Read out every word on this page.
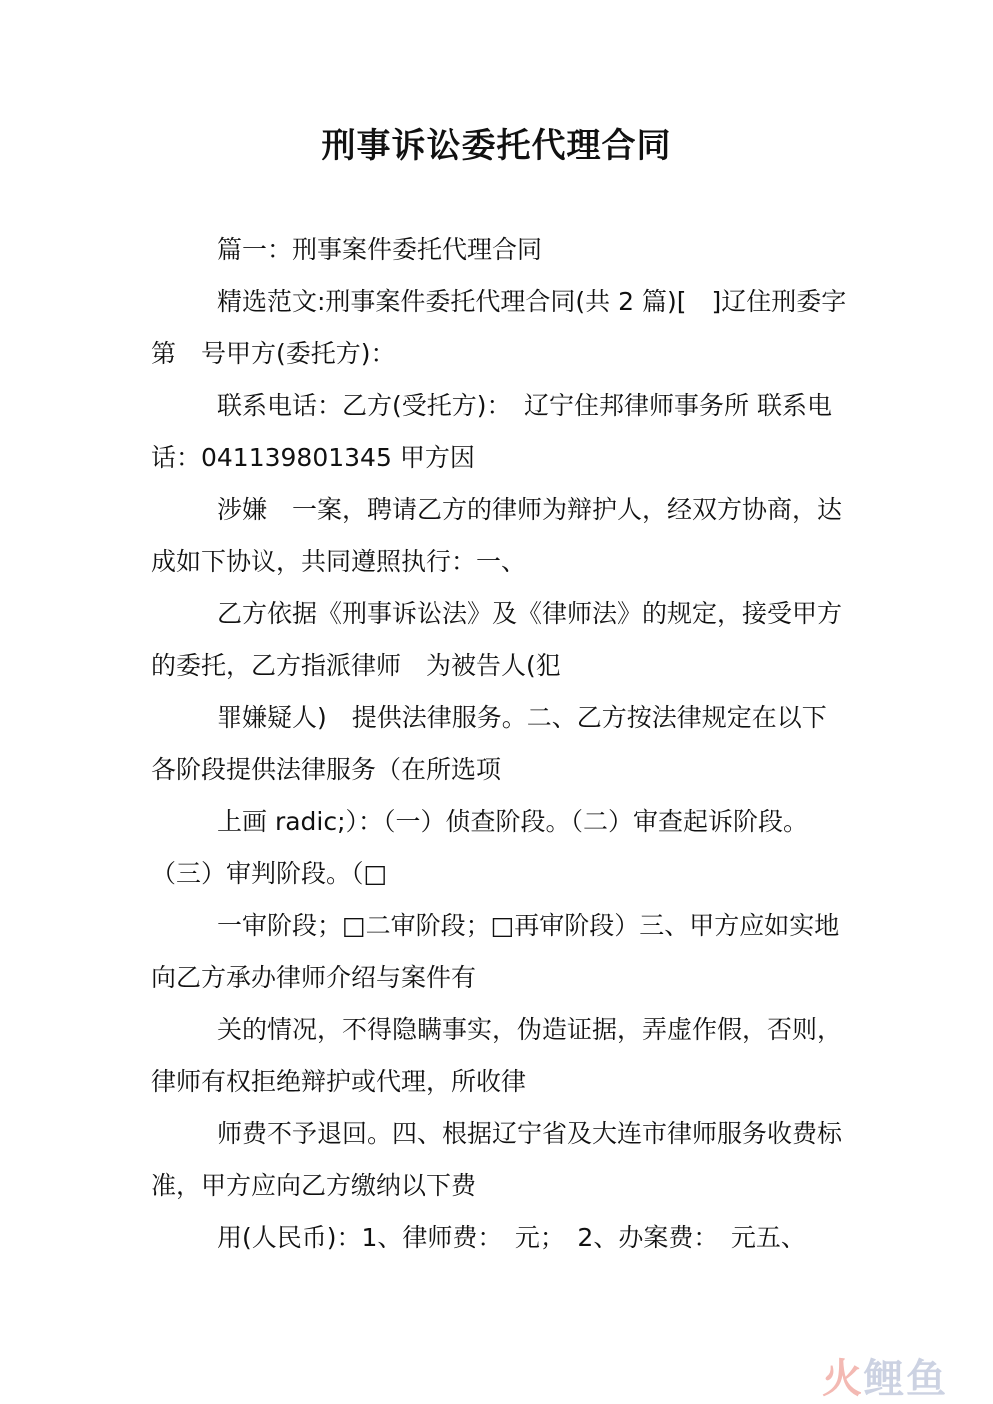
刑事诉讼委托代理合同

篇一：刑事案件委托代理合同

精选范文:刑事案件委托代理合同(共 2 篇)[　]辽住刑委字第　号甲方(委托方)：

联系电话：乙方(受托方)：　辽宁住邦律师事务所 联系电话：041139801345 甲方因

涉嫌　一案，聘请乙方的律师为辩护人，经双方协商，达成如下协议，共同遵照执行：一、

乙方依据《刑事诉讼法》及《律师法》的规定，接受甲方的委托，乙方指派律师　为被告人(犯

罪嫌疑人)　提供法律服务。二、乙方按法律规定在以下各阶段提供法律服务（在所选项

上画 radic;）：（一）侦查阶段。（二）审查起诉阶段。（三）审判阶段。（□

一审阶段；□二审阶段；□再审阶段）三、甲方应如实地向乙方承办律师介绍与案件有

关的情况，不得隐瞒事实，伪造证据，弄虚作假，否则，律师有权拒绝辩护或代理，所收律

师费不予退回。四、根据辽宁省及大连市律师服务收费标准，甲方应向乙方缴纳以下费

用(人民币)：1、律师费：　元；　2、办案费：　元五、

火鲤鱼
